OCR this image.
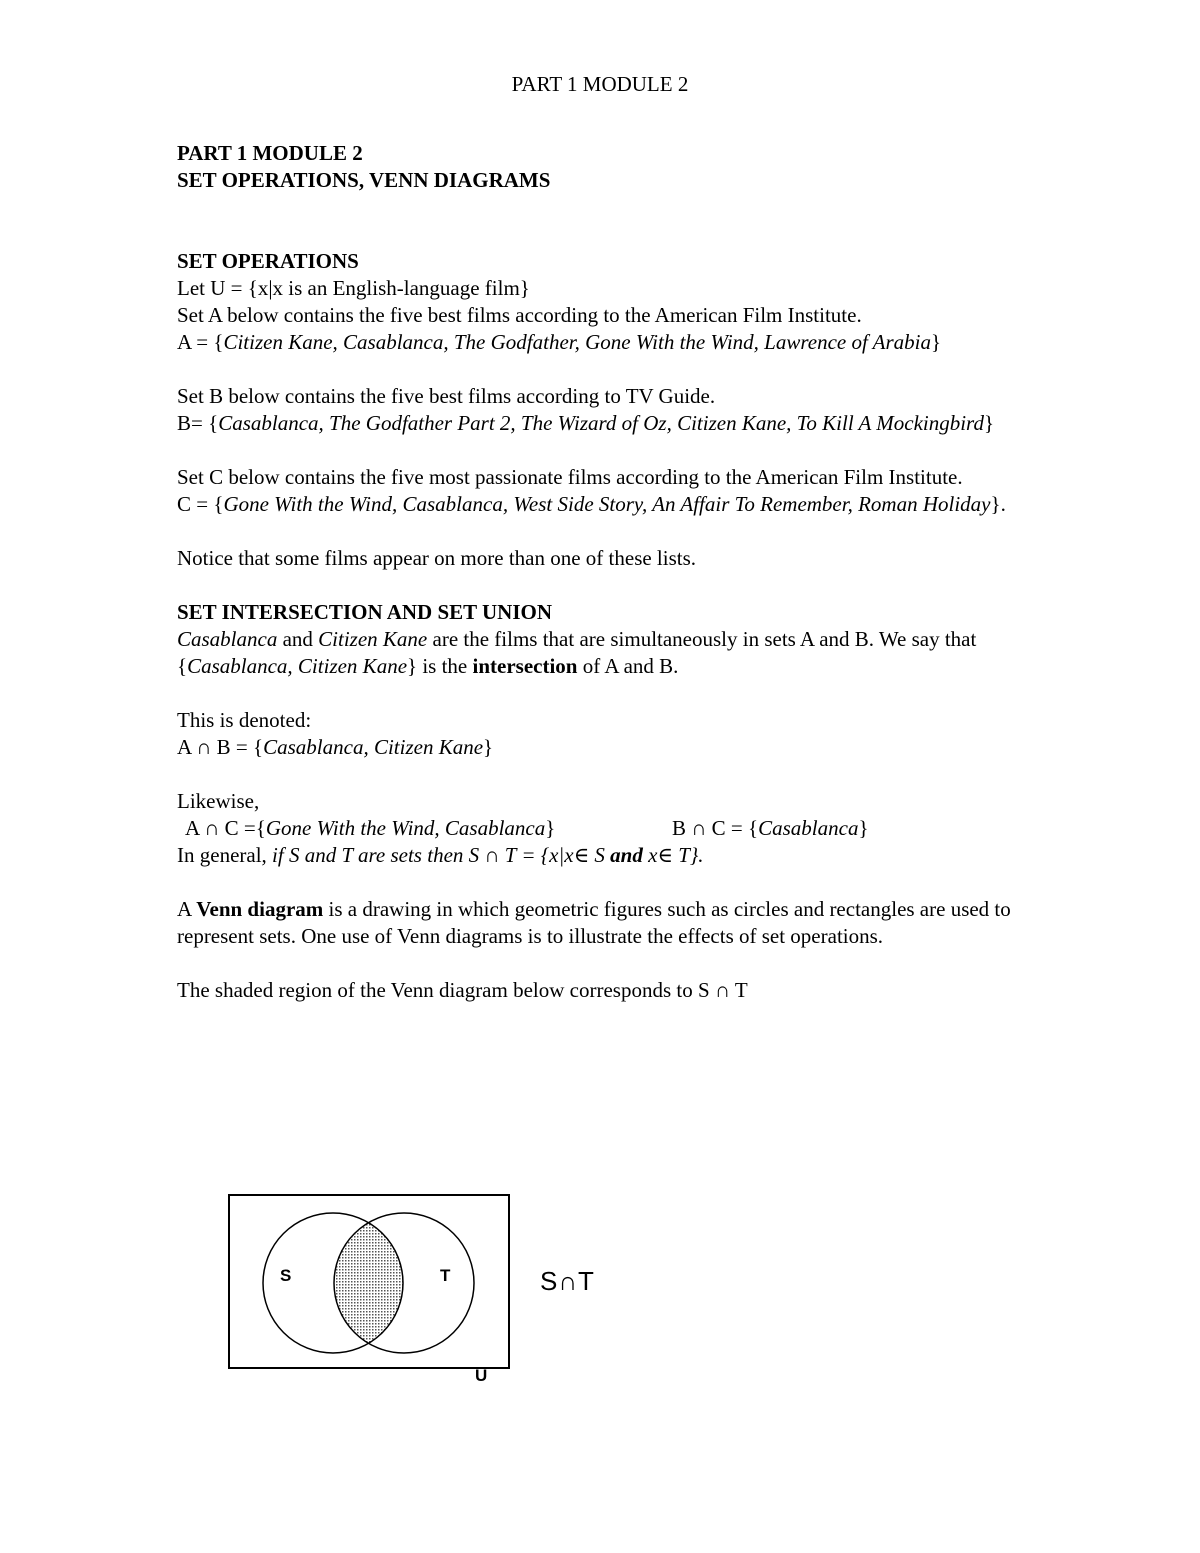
PART 1 MODULE 2

PART 1 MODULE 2

SET OPERATIONS, VENN DIAGRAMS

SET OPERATIONS

Let U = {x|x is an English-language film}

Set A below contains the five best films according to the American Film Institute.

A = {Citizen Kane, Casablanca, The Godfather, Gone With the Wind, Lawrence of Arabia}

Set B below contains the five best films according to TV Guide.

B= {Casablanca, The Godfather Part 2, The Wizard of Oz, Citizen Kane, To Kill A Mockingbird}

Set C below contains the five most passionate films according to the American Film Institute.

C = {Gone With the Wind, Casablanca, West Side Story, An Affair To Remember, Roman Holiday}.

Notice that some films appear on more than one of these lists.

SET INTERSECTION AND SET UNION

Casablanca and Citizen Kane are the films that are simultaneously in sets A and B. We say that {Casablanca, Citizen Kane} is the intersection of A and B.

This is denoted:

A ∩ B = {Casablanca, Citizen Kane}

Likewise,

A ∩ C ={Gone With the Wind, Casablanca}	B ∩ C = {Casablanca}

In general, if S and T are sets then S ∩ T = {x|x∈ S and x∈ T}.

A Venn diagram is a drawing in which geometric figures such as circles and rectangles are used to represent sets. One use of Venn diagrams is to illustrate the effects of set operations.

The shaded region of the Venn diagram below corresponds to S ∩ T

S	T
U
S∩T
